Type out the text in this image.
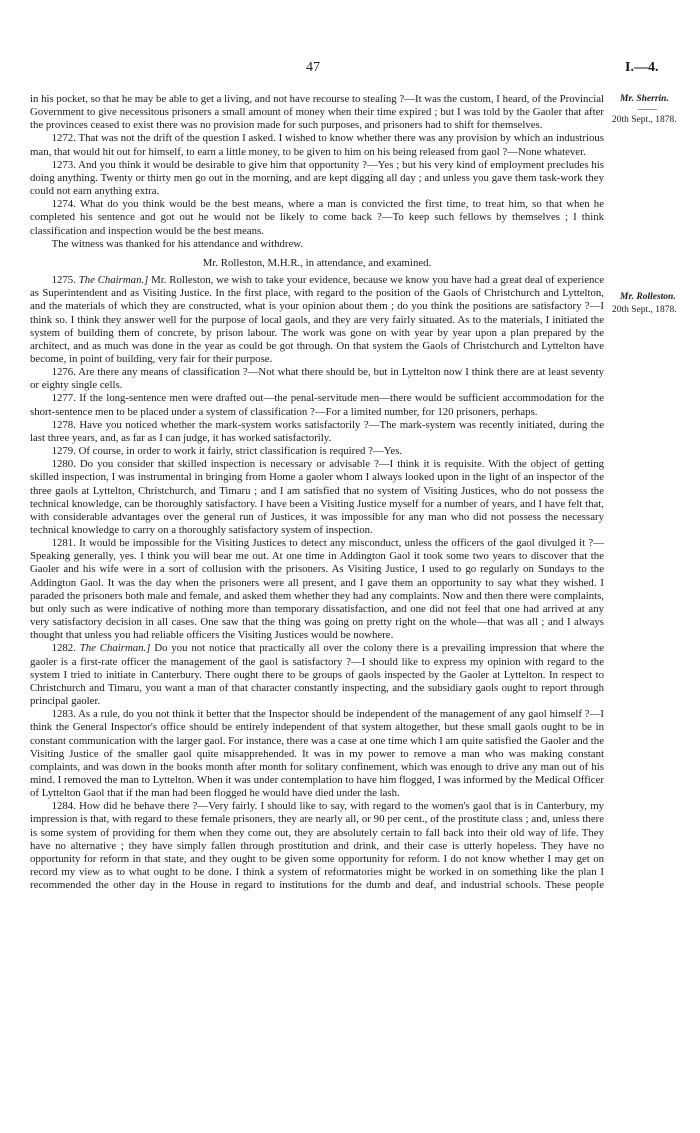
47	I.—4.
Mr. Sherrin.
——
20th Sept., 1878.
Mr. Rolleston.
20th Sept., 1878.

in his pocket, so that he may be able to get a living, and not have recourse to stealing ?—It was the custom, I heard, of the Provincial Government to give necessitous prisoners a small amount of money when their time expired ; but I was told by the Gaoler that after the provinces ceased to exist there was no provision made for such purposes, and prisoners had to shift for themselves.

1272. That was not the drift of the question I asked. I wished to know whether there was any provision by which an industrious man, that would hit out for himself, to earn a little money, to be given to him on his being released from gaol ?—None whatever.

1273. And you think it would be desirable to give him that opportunity ?—Yes ; but his very kind of employment precludes his doing anything. Twenty or thirty men go out in the morning, and are kept digging all day ; and unless you gave them task-work they could not earn anything extra.

1274. What do you think would be the best means, where a man is convicted the first time, to treat him, so that when he completed his sentence and got out he would not be likely to come back ?—To keep such fellows by themselves ; I think classification and inspection would be the best means.

The witness was thanked for his attendance and withdrew.

Mr. Rolleston, M.H.R., in attendance, and examined.

1275. The Chairman.] Mr. Rolleston, we wish to take your evidence, because we know you have had a great deal of experience as Superintendent and as Visiting Justice. In the first place, with regard to the position of the Gaols of Christchurch and Lyttelton, and the materials of which they are constructed, what is your opinion about them ; do you think the positions are satisfactory ?—I think so. I think they answer well for the purpose of local gaols, and they are very fairly situated. As to the materials, I initiated the system of building them of concrete, by prison labour. The work was gone on with year by year upon a plan prepared by the architect, and as much was done in the year as could be got through. On that system the Gaols of Christchurch and Lyttelton have become, in point of building, very fair for their purpose.

1276. Are there any means of classification ?—Not what there should be, but in Lyttelton now I think there are at least seventy or eighty single cells.

1277. If the long-sentence men were drafted out—the penal-servitude men—there would be sufficient accommodation for the short-sentence men to be placed under a system of classification ?—For a limited number, for 120 prisoners, perhaps.

1278. Have you noticed whether the mark-system works satisfactorily ?—The mark-system was recently initiated, during the last three years, and, as far as I can judge, it has worked satisfactorily.

1279. Of course, in order to work it fairly, strict classification is required ?—Yes.

1280. Do you consider that skilled inspection is necessary or advisable ?—I think it is requisite. With the object of getting skilled inspection, I was instrumental in bringing from Home a gaoler whom I always looked upon in the light of an inspector of the three gaols at Lyttelton, Christchurch, and Timaru ; and I am satisfied that no system of Visiting Justices, who do not possess the technical knowledge, can be thoroughly satisfactory. I have been a Visiting Justice myself for a number of years, and I have felt that, with considerable advantages over the general run of Justices, it was impossible for any man who did not possess the necessary technical knowledge to carry on a thoroughly satisfactory system of inspection.

1281. It would be impossible for the Visiting Justices to detect any misconduct, unless the officers of the gaol divulged it ?—Speaking generally, yes. I think you will bear me out. At one time in Addington Gaol it took some two years to discover that the Gaoler and his wife were in a sort of collusion with the prisoners. As Visiting Justice, I used to go regularly on Sundays to the Addington Gaol. It was the day when the prisoners were all present, and I gave them an opportunity to say what they wished. I paraded the prisoners both male and female, and asked them whether they had any complaints. Now and then there were complaints, but only such as were indicative of nothing more than temporary dissatisfaction, and one did not feel that one had arrived at any very satisfactory decision in all cases. One saw that the thing was going on pretty right on the whole—that was all ; and I always thought that unless you had reliable officers the Visiting Justices would be nowhere.

1282. The Chairman.] Do you not notice that practically all over the colony there is a prevailing impression that where the gaoler is a first-rate officer the management of the gaol is satisfactory ?—I should like to express my opinion with regard to the system I tried to initiate in Canterbury. There ought there to be groups of gaols inspected by the Gaoler at Lyttelton. In respect to Christchurch and Timaru, you want a man of that character constantly inspecting, and the subsidiary gaols ought to report through principal gaoler.

1283. As a rule, do you not think it better that the Inspector should be independent of the management of any gaol himself ?—I think the General Inspector's office should be entirely independent of that system altogether, but these small gaols ought to be in constant communication with the larger gaol. For instance, there was a case at one time which I am quite satisfied the Gaoler and the Visiting Justice of the smaller gaol quite misapprehended. It was in my power to remove a man who was making constant complaints, and was down in the books month after month for solitary confinement, which was enough to drive any man out of his mind. I removed the man to Lyttelton. When it was under contemplation to have him flogged, I was informed by the Medical Officer of Lyttelton Gaol that if the man had been flogged he would have died under the lash.

1284. How did he behave there ?—Very fairly. I should like to say, with regard to the women's gaol that is in Canterbury, my impression is that, with regard to these female prisoners, they are nearly all, or 90 per cent., of the prostitute class ; and, unless there is some system of providing for them when they come out, they are absolutely certain to fall back into their old way of life. They have no alternative ; they have simply fallen through prostitution and drink, and their case is utterly hopeless. They have no opportunity for reform in that state, and they ought to be given some opportunity for reform. I do not know whether I may get on record my view as to what ought to be done. I think a system of reformatories might be worked in on something like the plan I recommended the other day in the House in regard to institutions for the dumb and deaf, and industrial schools. These people
